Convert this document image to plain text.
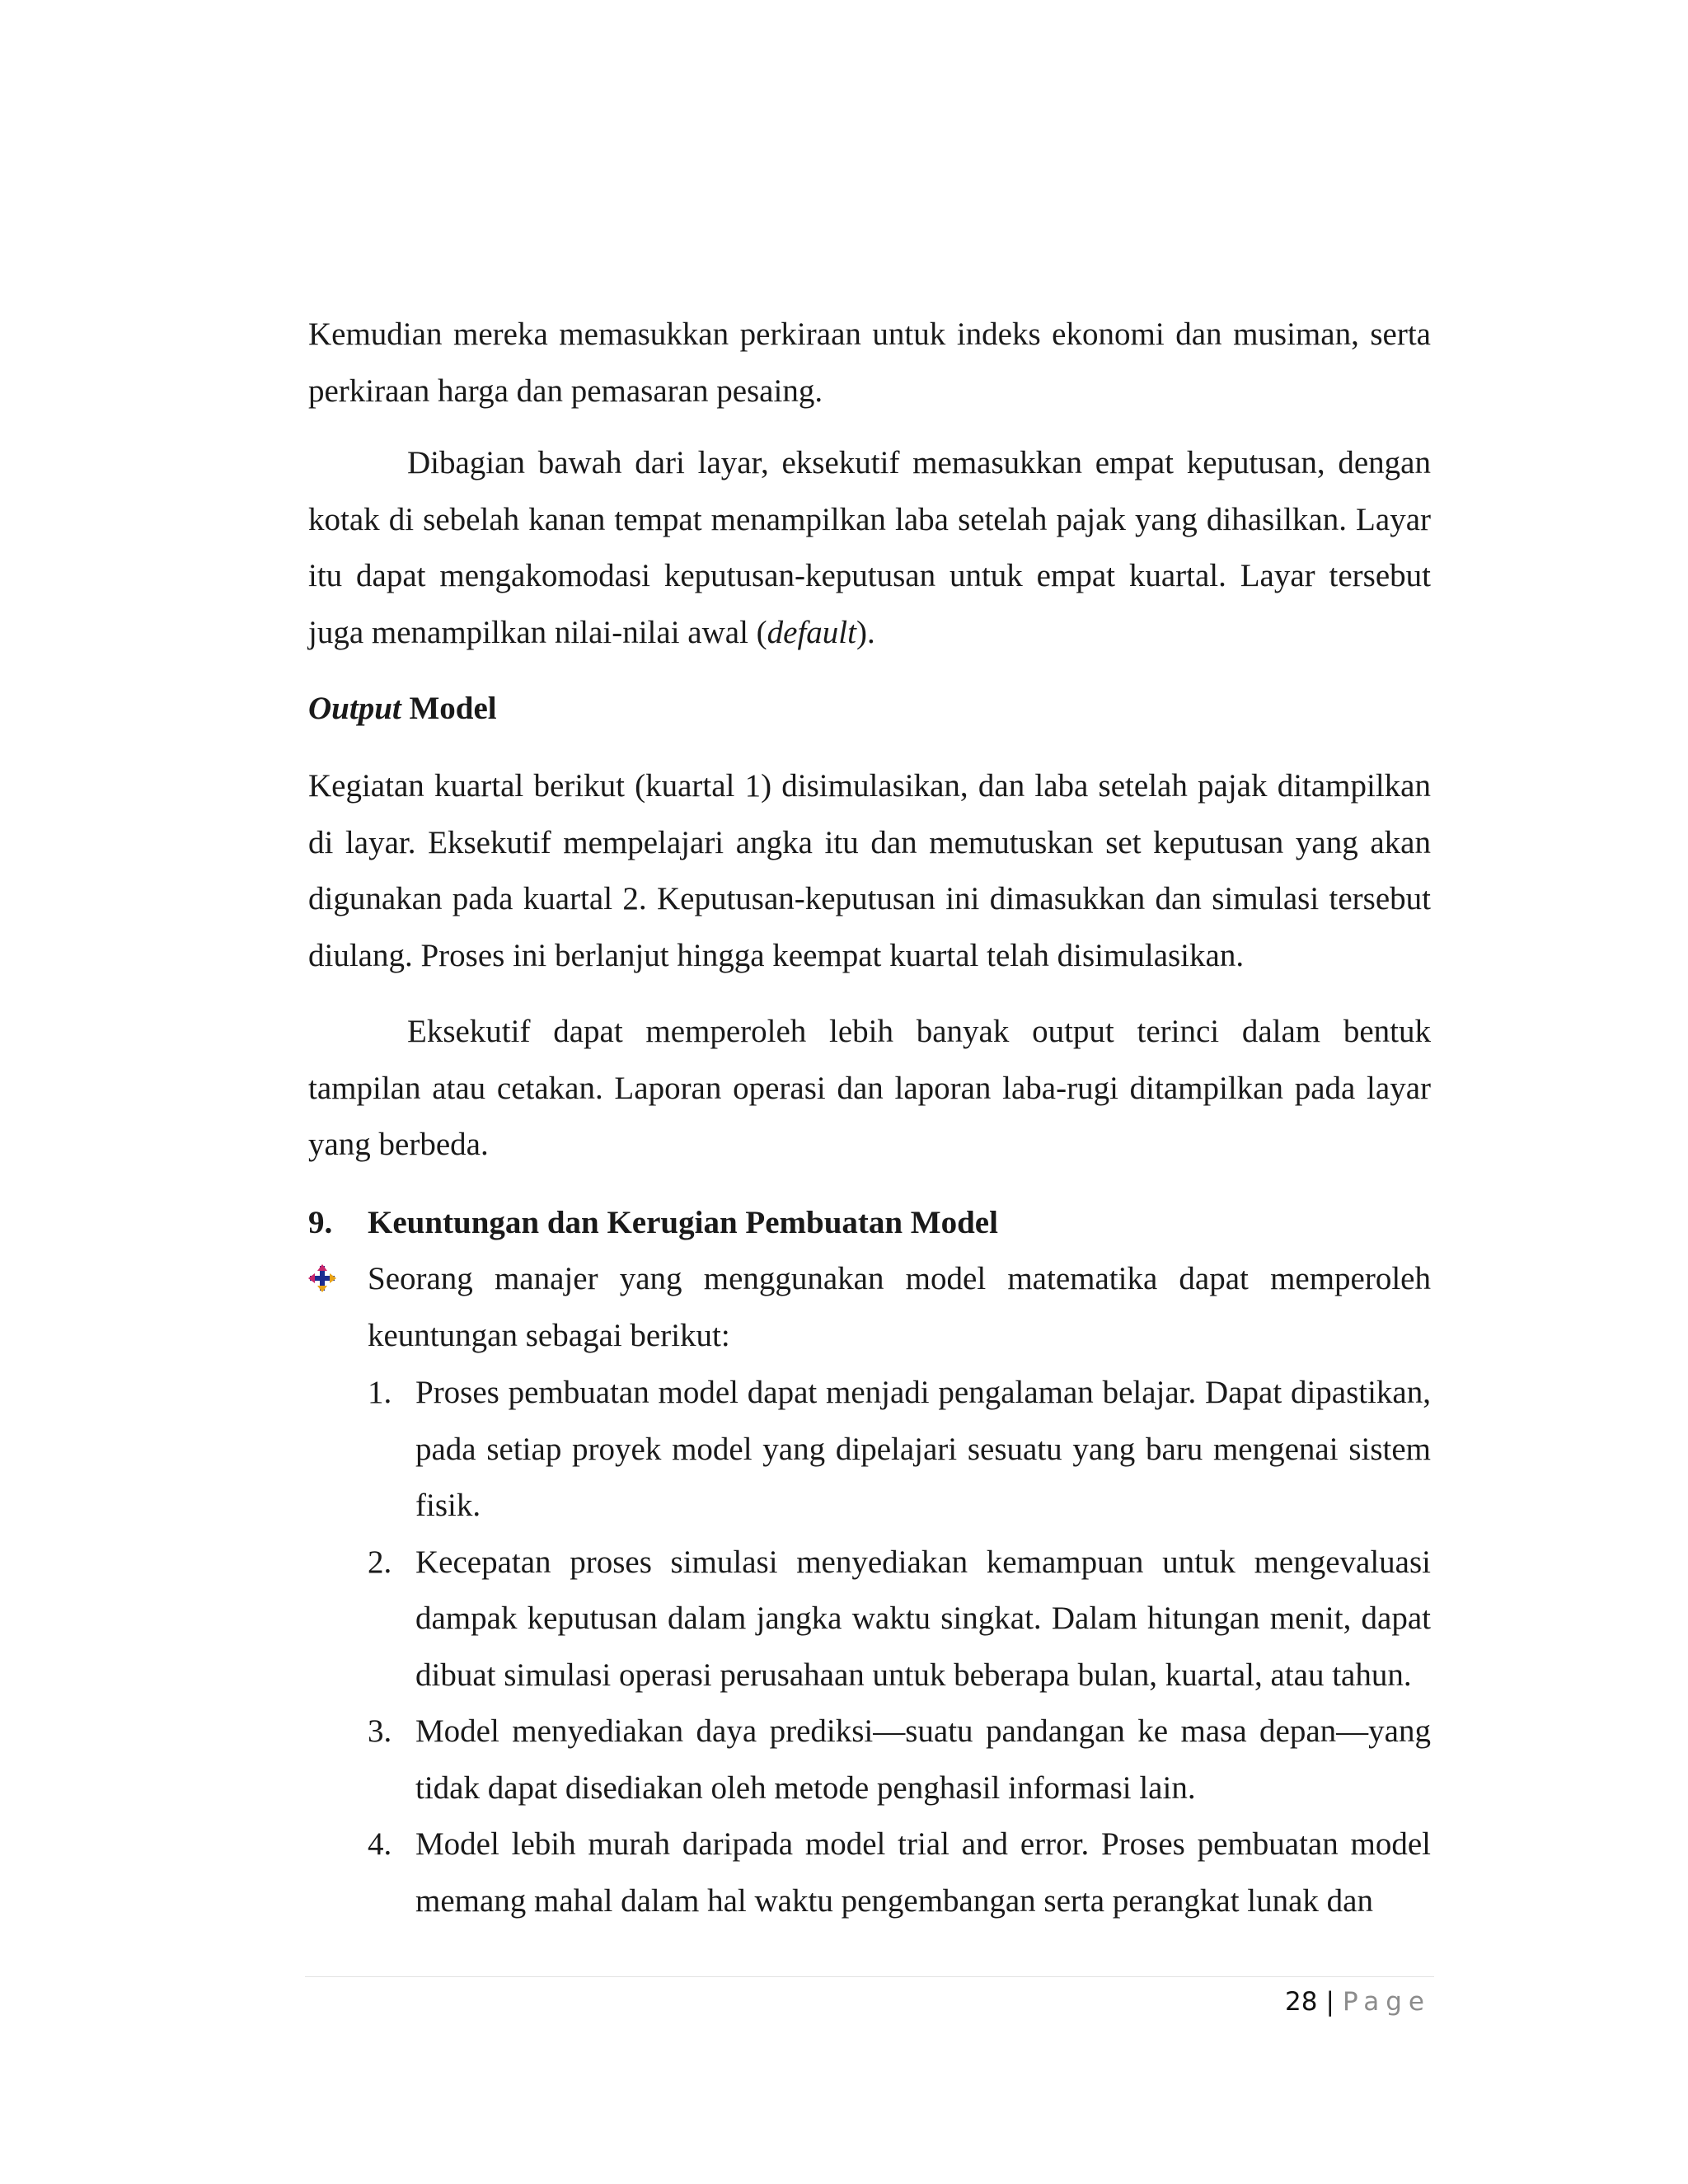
Kemudian mereka memasukkan perkiraan untuk indeks ekonomi dan musiman, serta perkiraan harga dan pemasaran pesaing.

Dibagian bawah dari layar, eksekutif memasukkan empat keputusan, dengan kotak di sebelah kanan tempat menampilkan laba setelah pajak yang dihasilkan. Layar itu dapat mengakomodasi keputusan-keputusan untuk empat kuartal. Layar tersebut juga menampilkan nilai-nilai awal (default).

Output Model

Kegiatan kuartal berikut (kuartal 1) disimulasikan, dan laba setelah pajak ditampilkan di layar. Eksekutif mempelajari angka itu dan memutuskan set keputusan yang akan digunakan pada kuartal 2. Keputusan-keputusan ini dimasukkan dan simulasi tersebut diulang. Proses ini berlanjut hingga keempat kuartal telah disimulasikan.

Eksekutif dapat memperoleh lebih banyak output terinci dalam bentuk tampilan atau cetakan. Laporan operasi dan laporan laba-rugi ditampilkan pada layar yang berbeda.

9. Keuntungan dan Kerugian Pembuatan Model
Seorang manajer yang menggunakan model matematika dapat memperoleh keuntungan sebagai berikut:
1. Proses pembuatan model dapat menjadi pengalaman belajar. Dapat dipastikan, pada setiap proyek model yang dipelajari sesuatu yang baru mengenai sistem fisik.
2. Kecepatan proses simulasi menyediakan kemampuan untuk mengevaluasi dampak keputusan dalam jangka waktu singkat. Dalam hitungan menit, dapat dibuat simulasi operasi perusahaan untuk beberapa bulan, kuartal, atau tahun.
3. Model menyediakan daya prediksi—suatu pandangan ke masa depan—yang tidak dapat disediakan oleh metode penghasil informasi lain.
4. Model lebih murah daripada model trial and error. Proses pembuatan model memang mahal dalam hal waktu pengembangan serta perangkat lunak dan
28 | Page
